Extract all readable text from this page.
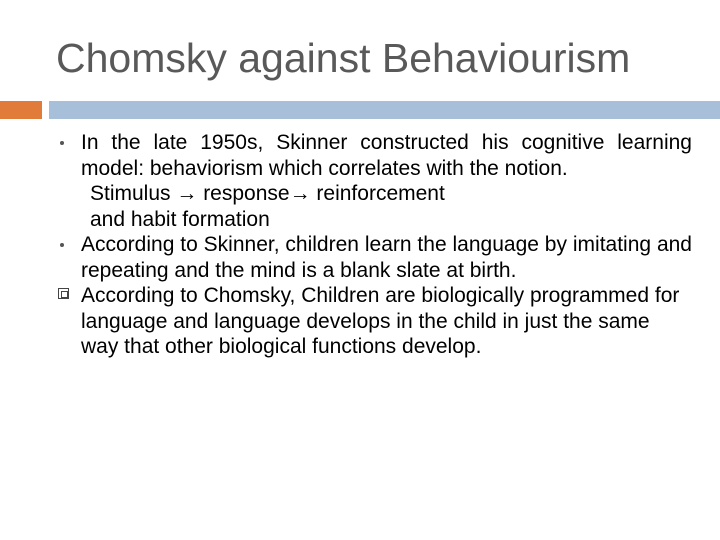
Chomsky against Behaviourism
In the late 1950s, Skinner constructed his cognitive learning model: behaviorism which correlates with the notion.
Stimulus → response→ reinforcement
and habit formation
According to Skinner, children learn the language by imitating and repeating and the mind is a blank slate at birth.
According to Chomsky, Children are biologically programmed for language and language develops in the child in just the same way that other biological functions develop.
